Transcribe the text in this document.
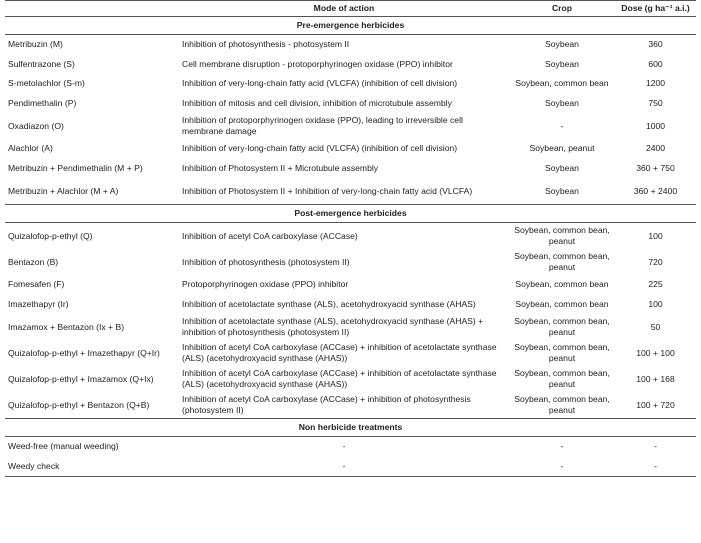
	Mode of action	Crop	Dose (g ha⁻¹ a.i.)
Pre-emergence herbicides			
Metribuzin (M)	Inhibition of photosynthesis - photosystem II	Soybean	360
Sulfentrazone (S)	Cell membrane disruption - protoporphyrinogen oxidase (PPO) inhibitor	Soybean	600
S-metolachlor (S-m)	Inhibition of very-long-chain fatty acid (VLCFA) (inhibition of cell division)	Soybean, common bean	1200
Pendimethalin (P)	Inhibition of mitosis and cell division, inhibition of microtubule assembly	Soybean	750
Oxadiazon (O)	Inhibition of protoporphyrinogen oxidase (PPO), leading to irreversible cell membrane damage	-	1000
Alachlor (A)	Inhibition of very-long-chain fatty acid (VLCFA) (inhibition of cell division)	Soybean, peanut	2400
Metribuzin + Pendimethalin (M + P)	Inhibition of Photosystem II + Microtubule assembly	Soybean	360 + 750
Metribuzin + Alachlor (M + A)	Inhibition of Photosystem II + Inhibition of very-long-chain fatty acid (VLCFA)	Soybean	360 + 2400
Post-emergence herbicides			
Quizalofop-p-ethyl (Q)	Inhibition of acetyl CoA carboxylase (ACCase)	Soybean, common bean, peanut	100
Bentazon (B)	Inhibition of photosynthesis (photosystem II)	Soybean, common bean, peanut	720
Fomesafen (F)	Protoporphyrinogen oxidase (PPO) inhibitor	Soybean, common bean	225
Imazethapyr (Ir)	Inhibition of acetolactate synthase (ALS), acetohydroxyacid synthase (AHAS)	Soybean, common bean	100
Imazamox + Bentazon (Ix + B)	Inhibition of acetolactate synthase (ALS), acetohydroxyacid synthase (AHAS) + inhibition of photosynthesis (photosystem II)	Soybean, common bean, peanut	50
Quizalofop-p-ethyl + Imazethapyr (Q+Ir)	Inhibition of acetyl CoA carboxylase (ACCase) + inhibition of acetolactate synthase (ALS) (acetohydroxyacid synthase (AHAS))	Soybean, common bean, peanut	100 + 100
Quizalofop-p-ethyl + Imazamox (Q+Ix)	Inhibition of acetyl CoA carboxylase (ACCase) + inhibition of acetolactate synthase (ALS) (acetohydroxyacid synthase (AHAS))	Soybean, common bean, peanut	100 + 168
Quizalofop-p-ethyl + Bentazon (Q+B)	Inhibition of acetyl CoA carboxylase (ACCase) + inhibition of photosynthesis (photosystem II)	Soybean, common bean, peanut	100 + 720
Non herbicide treatments			
Weed-free (manual weeding)	-	-	-
Weedy check	-	-	-
